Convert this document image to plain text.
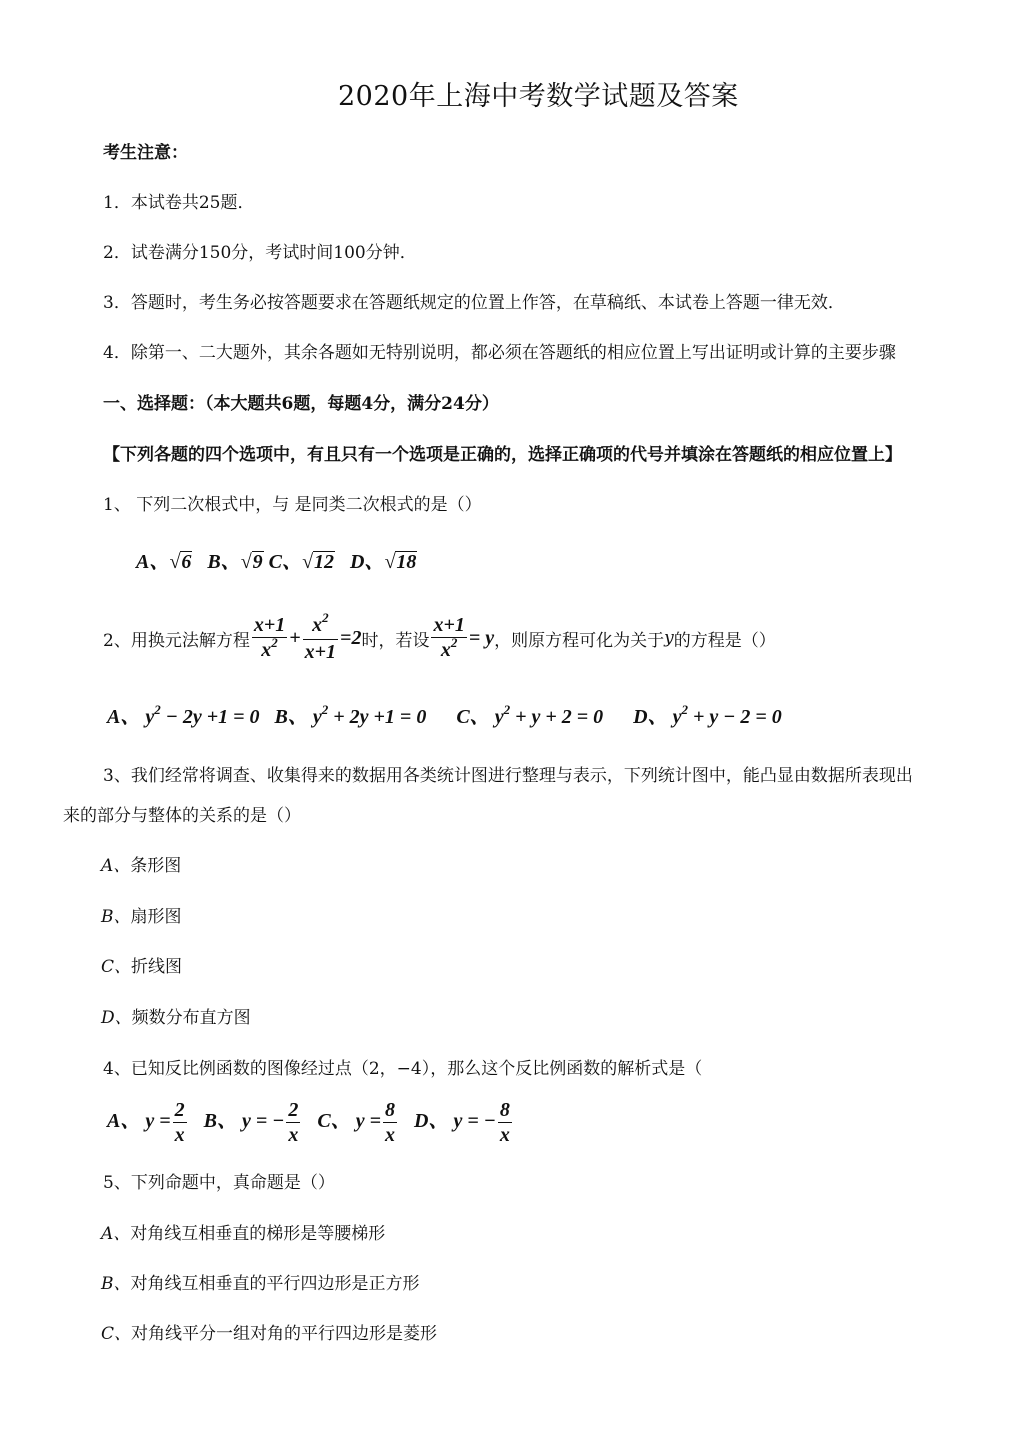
2020年上海中考数学试题及答案
考生注意：
1．本试卷共25题．
2．试卷满分150分，考试时间100分钟．
3．答题时，考生务必按答题要求在答题纸规定的位置上作答，在草稿纸、本试卷上答题一律无效．
4．除第一、二大题外，其余各题如无特别说明，都必须在答题纸的相应位置上写出证明或计算的主要步骤
一、选择题：（本大题共6题，每题4分，满分24分）
【下列各题的四个选项中，有且只有一个选项是正确的，选择正确项的代号并填涂在答题纸的相应位置上】
1、 下列二次根式中，与 是同类二次根式的是（）
A、√6 B、√9 C、√12 D、√18
2、用换元法解方程 $\frac{x+1}{x^2} + \frac{x^2}{x+1} =2$ 时，若设 $\frac{x+1}{x^2} = y$ ，则原方程可化为关于 y 的方程是（）
A、 $y^2 - 2y +1 = 0$ B、 $y^2 + 2y +1 = 0$ C、 $y^2 + y + 2 = 0$ D、 $y^2 + y - 2 = 0$
3、我们经常将调查、收集得来的数据用各类统计图进行整理与表示，下列统计图中，能凸显由数据所表现出
来的部分与整体的关系的是（）
A、条形图
B、扇形图
C、折线图
D、频数分布直方图
4、已知反比例函数的图像经过点（2，−4），那么这个反比例函数的解析式是（
A、 $y = \frac{2}{x}$
B、 y = − $\frac{2}{x}$
C、 $y = \frac{8}{x}$
D、 y = − $\frac{8}{x}$
5、下列命题中，真命题是（）
A、对角线互相垂直的梯形是等腰梯形
B、对角线互相垂直的平行四边形是正方形
C、对角线平分一组对角的平行四边形是菱形
